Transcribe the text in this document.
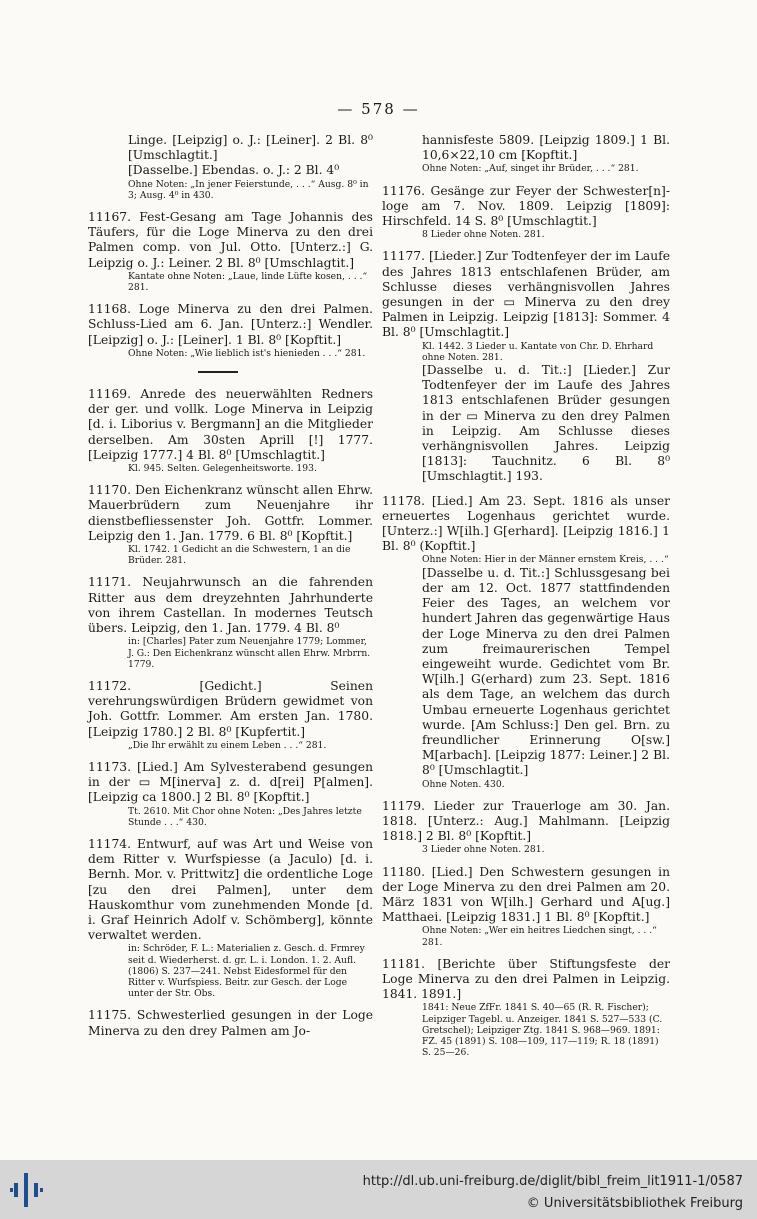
— 578 —
Linge. [Leipzig] o. J.: [Leiner]. 2 Bl. 8⁰ [Umschlagtit.]
[Dasselbe.] Ebendas. o. J.: 2 Bl. 4⁰
Ohne Noten: „In jener Feierstunde, . . .“ Ausg. 8⁰ in 3; Ausg. 4⁰ in 430.
11167. Fest-Gesang am Tage Johannis des Täufers, für die Loge Minerva zu den drei Palmen comp. von Jul. Otto. [Unterz.:] G. Leipzig o. J.: Leiner. 2 Bl. 8⁰ [Umschlagtit.]
Kantate ohne Noten: „Laue, linde Lüfte kosen, . . .“ 281.
11168. Loge Minerva zu den drei Palmen. Schluss-Lied am 6. Jan. [Unterz.:] Wendler. [Leipzig] o. J.: [Leiner]. 1 Bl. 8⁰ [Kopftit.]
Ohne Noten: „Wie lieblich ist's hienieden . . .“ 281.
11169. Anrede des neuerwählten Redners der ger. und vollk. Loge Minerva in Leipzig [d. i. Liborius v. Bergmann] an die Mitglieder derselben. Am 30sten Aprill [!] 1777. [Leipzig 1777.] 4 Bl. 8⁰ [Umschlagtit.]
Kl. 945. Selten. Gelegenheitsworte. 193.
11170. Den Eichenkranz wünscht allen Ehrw. Mauerbrüdern zum Neuenjahre ihr dienstbefliessenster Joh. Gottfr. Lommer. Leipzig den 1. Jan. 1779. 6 Bl. 8⁰ [Kopftit.]
Kl. 1742. 1 Gedicht an die Schwestern, 1 an die Brüder. 281.
11171. Neujahrwunsch an die fahrenden Ritter aus dem dreyzehnten Jahrhunderte von ihrem Castellan. In modernes Teutsch übers. Leipzig, den 1. Jan. 1779. 4 Bl. 8⁰
in: [Charles] Pater zum Neuenjahre 1779; Lommer, J. G.: Den Eichenkranz wünscht allen Ehrw. Mrbrrn. 1779.
11172. [Gedicht.] Seinen verehrungswürdigen Brüdern gewidmet von Joh. Gottfr. Lommer. Am ersten Jan. 1780. [Leipzig 1780.] 2 Bl. 8⁰ [Kupfertit.]
„Die Ihr erwählt zu einem Leben . . .“ 281.
11173. [Lied.] Am Sylvesterabend gesungen in der ▭ M[inerva] z. d. d[rei] P[almen]. [Leipzig ca 1800.] 2 Bl. 8⁰ [Kopftit.]
Tt. 2610. Mit Chor ohne Noten: „Des Jahres letzte Stunde . . .“ 430.
11174. Entwurf, auf was Art und Weise von dem Ritter v. Wurfspiesse (a Jaculo) [d. i. Bernh. Mor. v. Prittwitz] die ordentliche Loge [zu den drei Palmen], unter dem Hauskomthur vom zunehmenden Monde [d. i. Graf Heinrich Adolf v. Schömberg], könnte verwaltet werden.
in: Schröder, F. L.: Materialien z. Gesch. d. Frmrey seit d. Wiederherst. d. gr. L. i. London. 1. 2. Aufl. (1806) S. 237—241. Nebst Eidesformel für den Ritter v. Wurfspiess. Beitr. zur Gesch. der Loge unter der Str. Obs.
11175. Schwesterlied gesungen in der Loge Minerva zu den drey Palmen am Jo-
hannisfeste 5809. [Leipzig 1809.] 1 Bl. 10,6×22,10 cm [Kopftit.]
Ohne Noten: „Auf, singet ihr Brüder, . . .“ 281.
11176. Gesänge zur Feyer der Schwester[n]-loge am 7. Nov. 1809. Leipzig [1809]: Hirschfeld. 14 S. 8⁰ [Umschlagtit.]
8 Lieder ohne Noten. 281.
11177. [Lieder.] Zur Todtenfeyer der im Laufe des Jahres 1813 entschlafenen Brüder, am Schlusse dieses verhängnisvollen Jahres gesungen in der ▭ Minerva zu den drey Palmen in Leipzig. Leipzig [1813]: Sommer. 4 Bl. 8⁰ [Umschlagtit.]
Kl. 1442. 3 Lieder u. Kantate von Chr. D. Ehrhard ohne Noten. 281.
[Dasselbe u. d. Tit.:] [Lieder.] Zur Todtenfeyer der im Laufe des Jahres 1813 entschlafenen Brüder gesungen in der ▭ Minerva zu den drey Palmen in Leipzig. Am Schlusse dieses verhängnisvollen Jahres. Leipzig [1813]: Tauchnitz. 6 Bl. 8⁰ [Umschlagtit.] 193.
11178. [Lied.] Am 23. Sept. 1816 als unser erneuertes Logenhaus gerichtet wurde. [Unterz.:] W[ilh.] G[erhard]. [Leipzig 1816.] 1 Bl. 8⁰ (Kopftit.]
Ohne Noten: Hier in der Männer ernstem Kreis, . . .“
[Dasselbe u. d. Tit.:] Schlussgesang bei der am 12. Oct. 1877 stattfindenden Feier des Tages, an welchem vor hundert Jahren das gegenwärtige Haus der Loge Minerva zu den drei Palmen zum freimaurerischen Tempel eingeweiht wurde. Gedichtet vom Br. W[ilh.] G(erhard) zum 23. Sept. 1816 als dem Tage, an welchem das durch Umbau erneuerte Logenhaus gerichtet wurde. [Am Schluss:] Den gel. Brn. zu freundlicher Erinnerung O[sw.] M[arbach]. [Leipzig 1877: Leiner.] 2 Bl. 8⁰ [Umschlagtit.]
Ohne Noten. 430.
11179. Lieder zur Trauerloge am 30. Jan. 1818. [Unterz.: Aug.] Mahlmann. [Leipzig 1818.] 2 Bl. 8⁰ [Kopftit.]
3 Lieder ohne Noten. 281.
11180. [Lied.] Den Schwestern gesungen in der Loge Minerva zu den drei Palmen am 20. März 1831 von W[ilh.] Gerhard und A[ug.] Matthaei. [Leipzig 1831.] 1 Bl. 8⁰ [Kopftit.]
Ohne Noten: „Wer ein heitres Liedchen singt, . . .“ 281.
11181. [Berichte über Stiftungsfeste der Loge Minerva zu den drei Palmen in Leipzig. 1841. 1891.]
1841: Neue ZfFr. 1841 S. 40—65 (R. R. Fischer); Leipziger Tagebl. u. Anzeiger. 1841 S. 527—533 (C. Gretschel); Leipziger Ztg. 1841 S. 968—969. 1891: FZ. 45 (1891) S. 108—109, 117—119; R. 18 (1891) S. 25—26.
http://dl.ub.uni-freiburg.de/diglit/bibl_freim_lit1911-1/0587
© Universitätsbibliothek Freiburg
